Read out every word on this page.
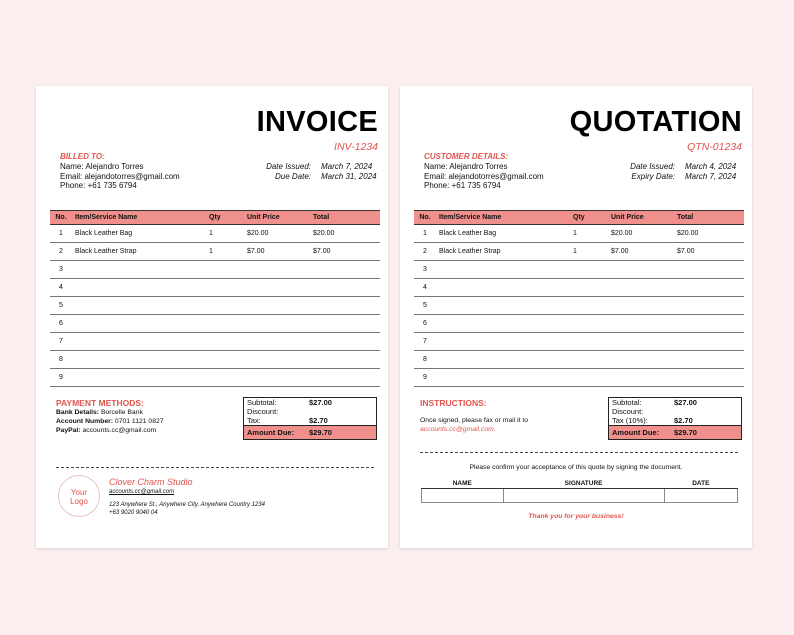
INVOICE
INV-1234
BILLED TO:
Name: Alejandro Torres
Email: alejandotorres@gmail.com
Phone: +61 735 6794
Date Issued: March 7, 2024
Due Date: March 31, 2024
No.	Item/Service Name	Qty	Unit Price	Total
1	Black Leather Bag	1	$20.00	$20.00
2	Black Leather Strap	1	$7.00	$7.00
3				
4				
5				
6				
7				
8				
9				
PAYMENT METHODS:
Bank Details: Borcelle Bank
Account Number: 0701 1121 0827
PayPal: accounts.cc@gmail.com
Subtotal:	$27.00
Discount:
Tax:	$2.70
Amount Due:	$29.70
Your
Logo
Clover Charm Studio
accounts.cc@gmail.com
123 Anywhere St., Anywhere City, Anywhere Country 1234
+63 9020 9040 04
QUOTATION
QTN-01234
CUSTOMER DETAILS:
Name: Alejandro Torres
Email: alejandotorres@gmail.com
Phone: +61 735 6794
Date Issued: March 4, 2024
Expiry Date: March 7, 2024
No.	Item/Service Name	Qty	Unit Price	Total
1	Black Leather Bag	1	$20.00	$20.00
2	Black Leather Strap	1	$7.00	$7.00
3				
4				
5				
6				
7				
8				
9				
INSTRUCTIONS:
Once signed, please fax or mail it to
accounts.cc@gmail.com.
Subtotal:	$27.00
Discount:
Tax (10%):	$2.70
Amount Due:	$29.70
Please confirm your acceptance of this quote by signing the document.
NAME	SIGNATURE	DATE

Thank you for your business!
